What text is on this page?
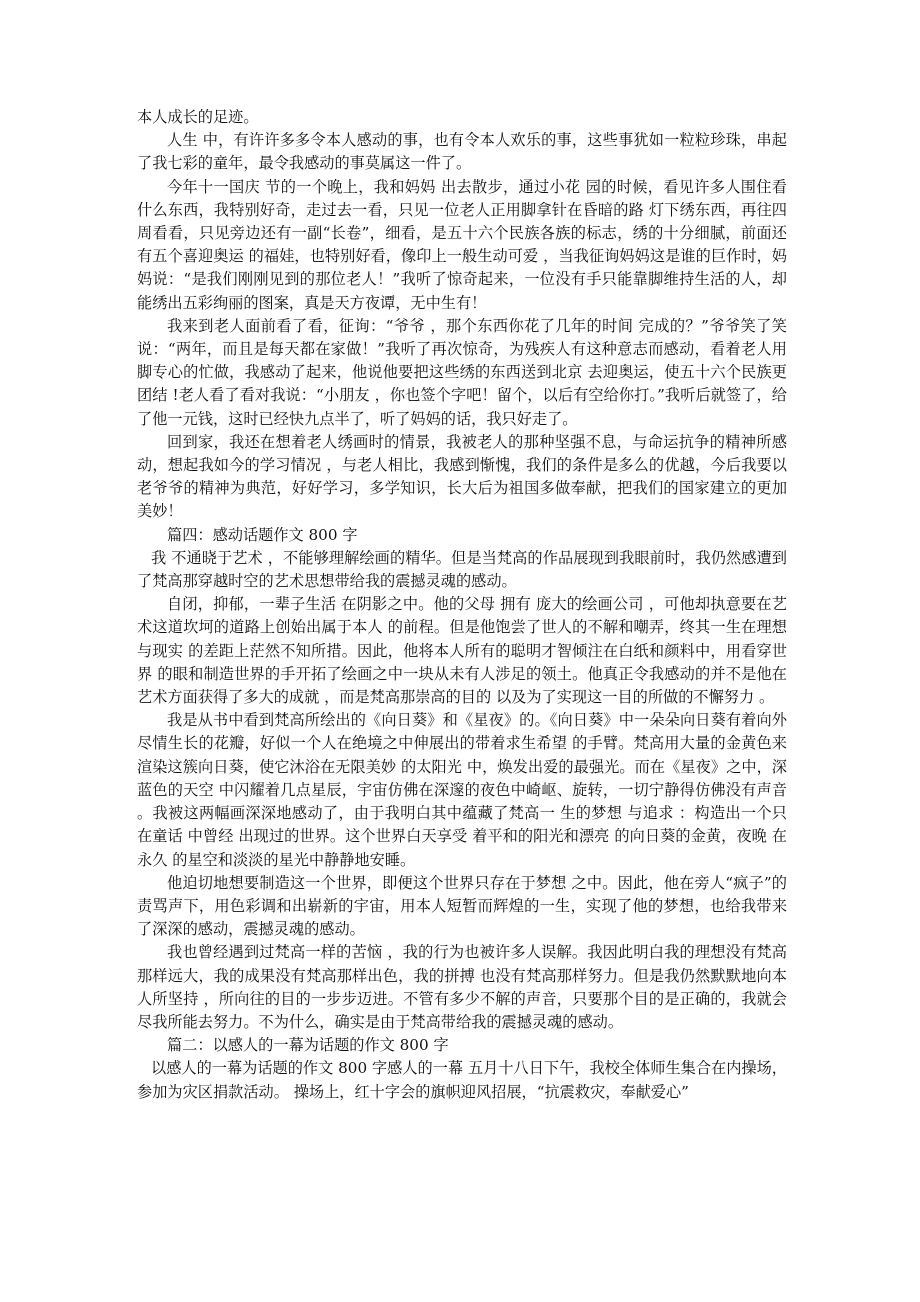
本人成长的足迹。

人生 中，有许许多多令本人感动的事，也有令本人欢乐的事，这些事犹如一粒粒珍珠，串起了我七彩的童年，最令我感动的事莫属这一件了。

今年十一国庆 节的一个晚上，我和妈妈 出去散步，通过小花 园的时候，看见许多人围住看什么东西，我特别好奇，走过去一看，只见一位老人正用脚拿针在昏暗的路 灯下绣东西，再往四周看看，只见旁边还有一副“长卷”，细看，是五十六个民族各族的标志，绣的十分细腻，前面还有五个喜迎奥运 的福娃，也特别好看，像印上一般生动可爱 ，当我征询妈妈这是谁的巨作时，妈妈说：“是我们刚刚见到的那位老人！”我听了惊奇起来，一位没有手只能靠脚维持生活的人，却能绣出五彩绚丽的图案，真是天方夜谭，无中生有！

我来到老人面前看了看，征询：“爷爷 ，那个东西你花了几年的时间 完成的？”爷爷笑了笑说：“两年，而且是每天都在家做！”我听了再次惊奇，为残疾人有这种意志而感动，看着老人用脚专心的忙做，我感动了起来，他说他要把这些绣的东西送到北京 去迎奥运，使五十六个民族更团结 !老人看了看对我说：“小朋友 ，你也签个字吧！留个，以后有空给你打。”我听后就签了，给了他一元钱，这时已经快九点半了，听了妈妈的话，我只好走了。

回到家，我还在想着老人绣画时的情景，我被老人的那种坚强不息，与命运抗争的精神所感动，想起我如今的学习情况 ，与老人相比，我感到惭愧，我们的条件是多么的优越，今后我要以老爷爷的精神为典范，好好学习，多学知识，长大后为祖国多做奉献，把我们的国家建立的更加美妙！

篇四：感动话题作文 800 字

我 不通晓于艺术 ，不能够理解绘画的精华。但是当梵高的作品展现到我眼前时，我仍然感遭到了梵高那穿越时空的艺术思想带给我的震撼灵魂的感动。

自闭，抑郁，一辈子生活 在阴影之中。他的父母 拥有 庞大的绘画公司 ，可他却执意要在艺术这道坎坷的道路上创始出属于本人 的前程。但是他饱尝了世人的不解和嘲弄，终其一生在理想 与现实 的差距上茫然不知所措。因此，他将本人所有的聪明才智倾注在白纸和颜料中，用看穿世界 的眼和制造世界的手开拓了绘画之中一块从未有人涉足的领土。他真正令我感动的并不是他在艺术方面获得了多大的成就 ，而是梵高那崇高的目的 以及为了实现这一目的所做的不懈努力 。

我是从书中看到梵高所绘出的《向日葵》和《星夜》的。《向日葵》中一朵朵向日葵有着向外尽情生长的花瓣，好似一个人在绝境之中伸展出的带着求生希望 的手臂。梵高用大量的金黄色来渲染这簇向日葵，使它沐浴在无限美妙 的太阳光 中，焕发出爱的最强光。而在《星夜》之中，深蓝色的天空 中闪耀着几点星辰，宇宙仿佛在深邃的夜色中崎岖、旋转，一切宁静得仿佛没有声音 。我被这两幅画深深地感动了，由于我明白其中蕴藏了梵高一 生的梦想 与追求 ：构造出一个只在童话 中曾经 出现过的世界。这个世界白天享受 着平和的阳光和漂亮 的向日葵的金黄，夜晚 在永久 的星空和淡淡的星光中静静地安睡。

他迫切地想要制造这一个世界，即便这个世界只存在于梦想 之中。因此，他在旁人“疯子”的责骂声下，用色彩调和出崭新的宇宙，用本人短暂而辉煌的一生，实现了他的梦想，也给我带来了深深的感动，震撼灵魂的感动。

我也曾经遇到过梵高一样的苦恼 ，我的行为也被许多人误解。我因此明白我的理想没有梵高那样远大，我的成果没有梵高那样出色，我的拼搏 也没有梵高那样努力。但是我仍然默默地向本人所坚持 ，所向往的目的一步步迈进。不管有多少不解的声音，只要那个目的是正确的，我就会尽我所能去努力。不为什么，确实是由于梵高带给我的震撼灵魂的感动。

篇二：以感人的一幕为话题的作文 800 字

以感人的一幕为话题的作文 800 字感人的一幕 五月十八日下午，我校全体师生集合在内操场，参加为灾区捐款活动。 操场上，红十字会的旗帜迎风招展，“抗震救灾，奉献爱心”
